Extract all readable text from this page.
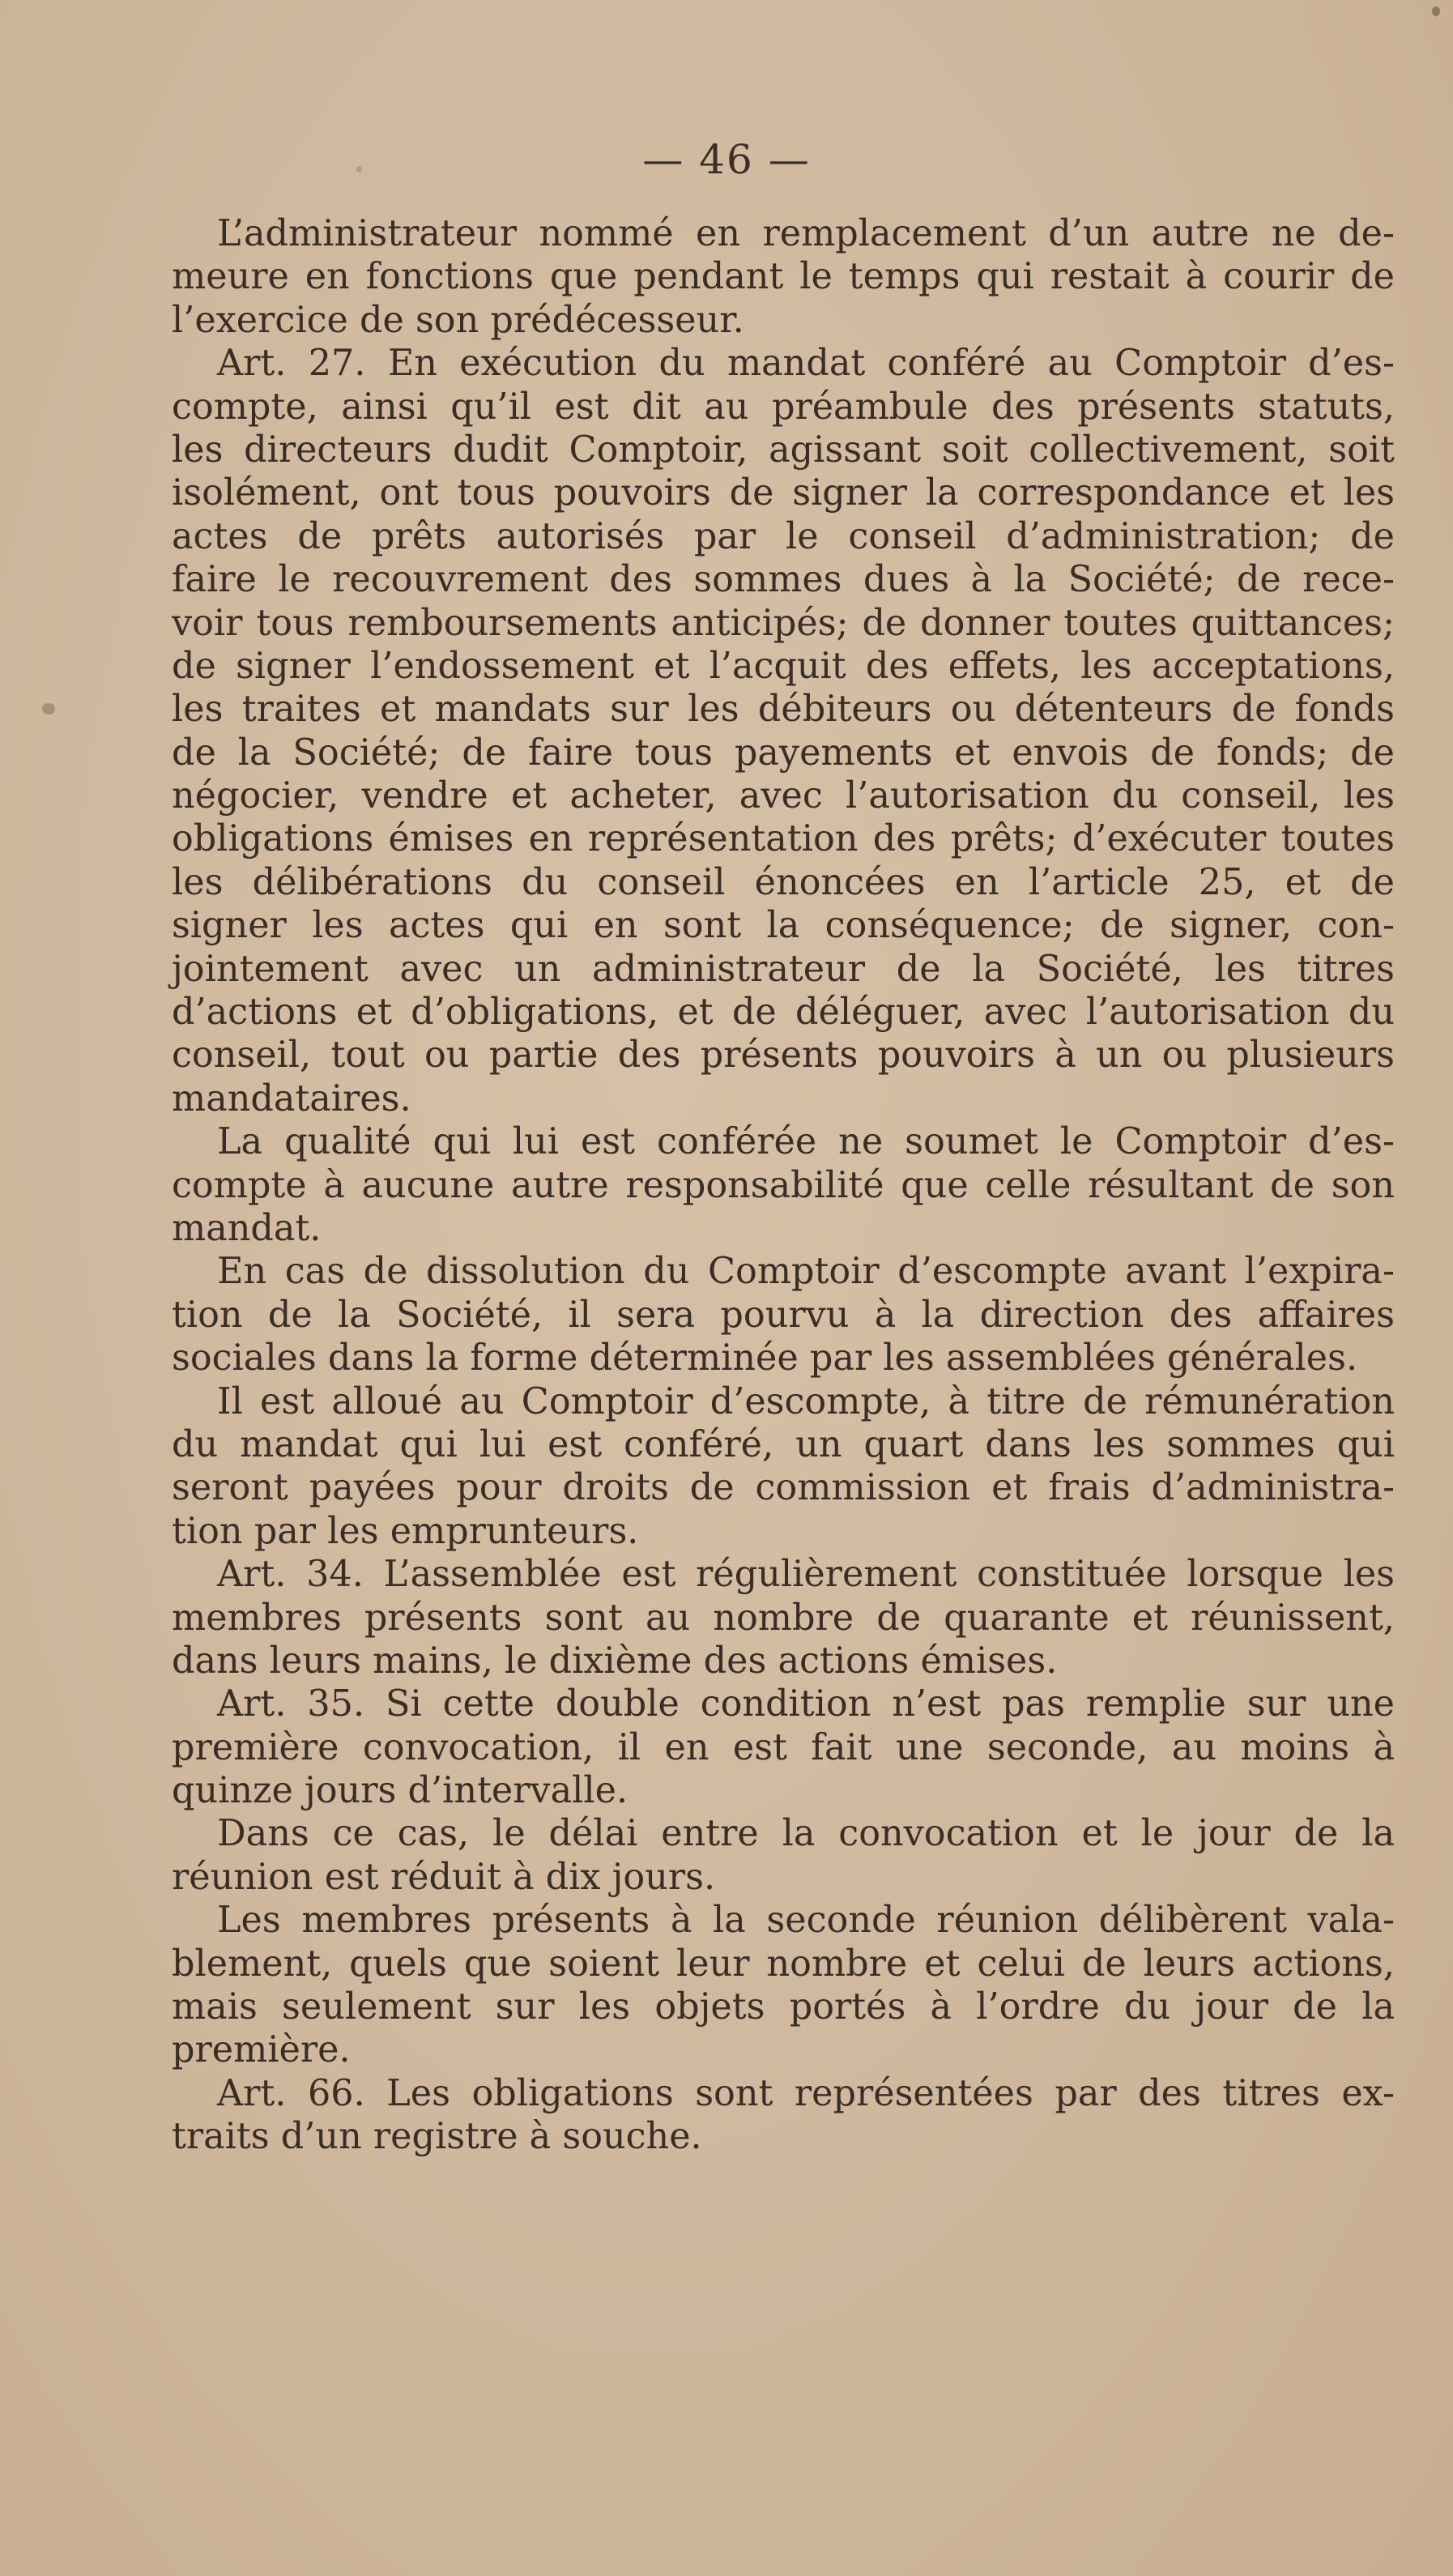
— 46 —
L’administrateur nommé en remplacement d’un autre ne de-
meure en fonctions que pendant le temps qui restait à courir de
l’exercice de son prédécesseur.
Art. 27. En exécution du mandat conféré au Comptoir d’es-
compte, ainsi qu’il est dit au préambule des présents statuts,
les directeurs dudit Comptoir, agissant soit collectivement, soit
isolément, ont tous pouvoirs de signer la correspondance et les
actes de prêts autorisés par le conseil d’administration; de
faire le recouvrement des sommes dues à la Société; de rece-
voir tous remboursements anticipés; de donner toutes quittances;
de signer l’endossement et l’acquit des effets, les acceptations,
les traites et mandats sur les débiteurs ou détenteurs de fonds
de la Société; de faire tous payements et envois de fonds; de
négocier, vendre et acheter, avec l’autorisation du conseil, les
obligations émises en représentation des prêts; d’exécuter toutes
les délibérations du conseil énoncées en l’article 25, et de
signer les actes qui en sont la conséquence; de signer, con-
jointement avec un administrateur de la Société, les titres
d’actions et d’obligations, et de déléguer, avec l’autorisation du
conseil, tout ou partie des présents pouvoirs à un ou plusieurs
mandataires.
La qualité qui lui est conférée ne soumet le Comptoir d’es-
compte à aucune autre responsabilité que celle résultant de son
mandat.
En cas de dissolution du Comptoir d’escompte avant l’expira-
tion de la Société, il sera pourvu à la direction des affaires
sociales dans la forme déterminée par les assemblées générales.
Il est alloué au Comptoir d’escompte, à titre de rémunération
du mandat qui lui est conféré, un quart dans les sommes qui
seront payées pour droits de commission et frais d’administra-
tion par les emprunteurs.
Art. 34. L’assemblée est régulièrement constituée lorsque les
membres présents sont au nombre de quarante et réunissent,
dans leurs mains, le dixième des actions émises.
Art. 35. Si cette double condition n’est pas remplie sur une
première convocation, il en est fait une seconde, au moins à
quinze jours d’intervalle.
Dans ce cas, le délai entre la convocation et le jour de la
réunion est réduit à dix jours.
Les membres présents à la seconde réunion délibèrent vala-
blement, quels que soient leur nombre et celui de leurs actions,
mais seulement sur les objets portés à l’ordre du jour de la
première.
Art. 66. Les obligations sont représentées par des titres ex-
traits d’un registre à souche.
